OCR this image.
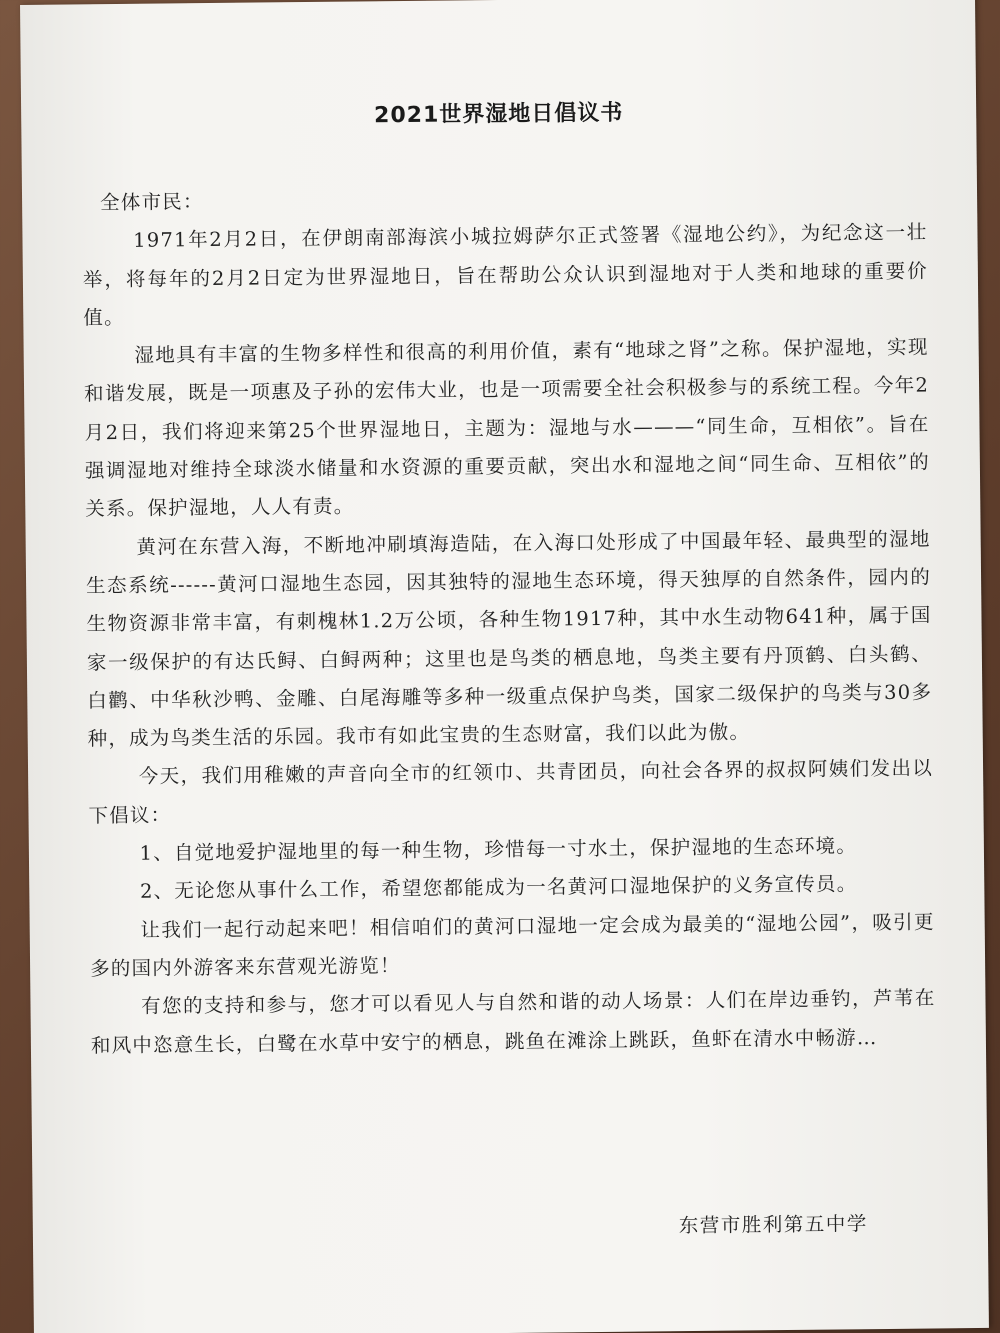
2021世界湿地日倡议书

全体市民：

1971年2月2日，在伊朗南部海滨小城拉姆萨尔正式签署《湿地公约》，为纪念这一壮举，将每年的2月2日定为世界湿地日，旨在帮助公众认识到湿地对于人类和地球的重要价值。

湿地具有丰富的生物多样性和很高的利用价值，素有“地球之肾”之称。保护湿地，实现和谐发展，既是一项惠及子孙的宏伟大业，也是一项需要全社会积极参与的系统工程。今年2月2日，我们将迎来第25个世界湿地日，主题为：湿地与水———“同生命，互相依”。旨在强调湿地对维持全球淡水储量和水资源的重要贡献，突出水和湿地之间“同生命、互相依”的关系。保护湿地，人人有责。

黄河在东营入海，不断地冲刷填海造陆，在入海口处形成了中国最年轻、最典型的湿地生态系统------黄河口湿地生态园，因其独特的湿地生态环境，得天独厚的自然条件，园内的生物资源非常丰富，有刺槐林1.2万公顷，各种生物1917种，其中水生动物641种，属于国家一级保护的有达氏鲟、白鲟两种；这里也是鸟类的栖息地，鸟类主要有丹顶鹤、白头鹤、白鹳、中华秋沙鸭、金雕、白尾海雕等多种一级重点保护鸟类，国家二级保护的鸟类与30多种，成为鸟类生活的乐园。我市有如此宝贵的生态财富，我们以此为傲。

今天，我们用稚嫩的声音向全市的红领巾、共青团员，向社会各界的叔叔阿姨们发出以下倡议：

1、自觉地爱护湿地里的每一种生物，珍惜每一寸水土，保护湿地的生态环境。

2、无论您从事什么工作，希望您都能成为一名黄河口湿地保护的义务宣传员。

让我们一起行动起来吧！相信咱们的黄河口湿地一定会成为最美的“湿地公园”，吸引更多的国内外游客来东营观光游览！

有您的支持和参与，您才可以看见人与自然和谐的动人场景：人们在岸边垂钓，芦苇在和风中恣意生长，白鹭在水草中安宁的栖息，跳鱼在滩涂上跳跃，鱼虾在清水中畅游…

东营市胜利第五中学
